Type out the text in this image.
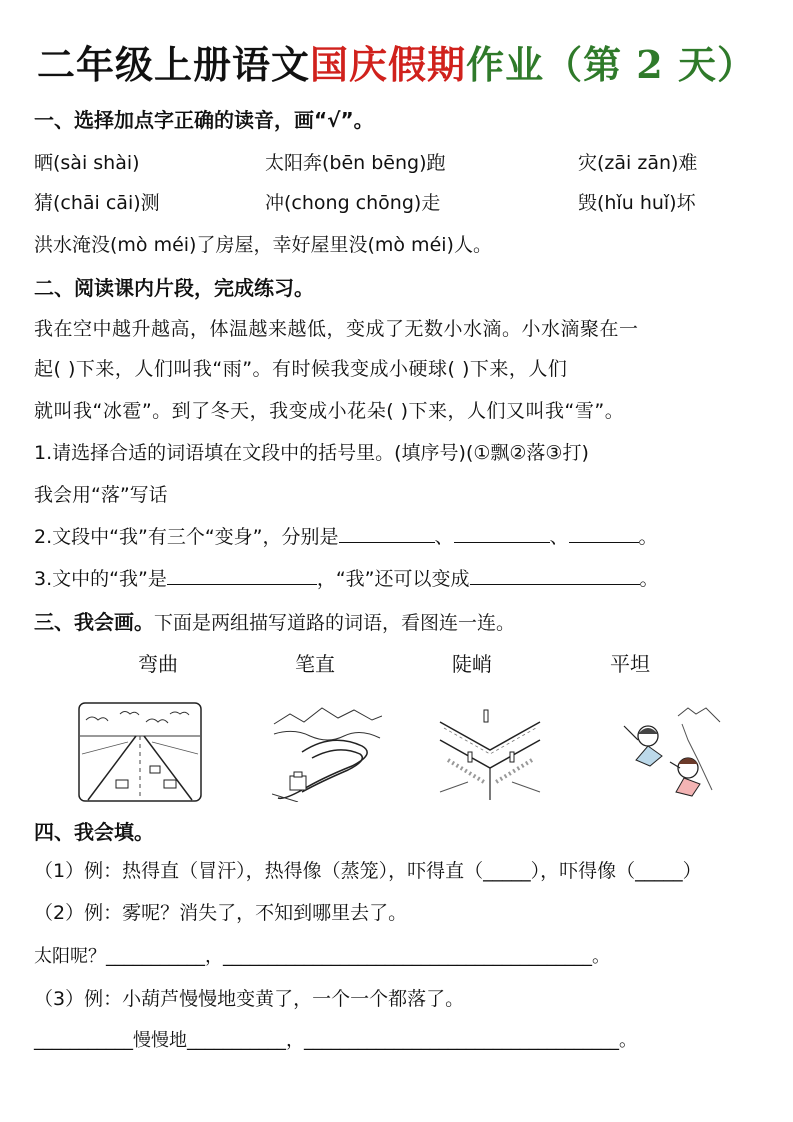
二年级上册语文国庆假期作业（第 2 天）
一、选择加点字正确的读音，画“√”。
晒(sài shài)	太阳奔(bēn bēng)跑	灾(zāi zān)难
猜(chāi cāi)测	冲(chong chōng)走	毁(hǐu huǐ)坏
洪水淹没(mò méi)了房屋，幸好屋里没(mò méi)人。
二、阅读课内片段，完成练习。
我在空中越升越高，体温越来越低，变成了无数小水滴。小水滴聚在一
起( )下来，人们叫我“雨”。有时候我变成小硬球( )下来，人们
就叫我“冰雹”。到了冬天，我变成小花朵( )下来，人们又叫我“雪”。
1.请选择合适的词语填在文段中的括号里。(填序号)(①飘②落③打)
我会用“落”写话
2.文段中“我”有三个“变身”，分别是	、	、	。
3.文中的“我”是	，“我”还可以变成	。
三、我会画。下面是两组描写道路的词语，看图连一连。
弯曲	笔直	陡峭	平坦
四、我会填。
（1）例：热得直（冒汗），热得像（蒸笼），吓得直（_____），吓得像（_____）
（2）例：雾呢？消失了，不知到哪里去了。
太阳呢？___________，_________________________________________。
（3）例：小葫芦慢慢地变黄了，一个一个都落了。
___________慢慢地___________，___________________________________。
